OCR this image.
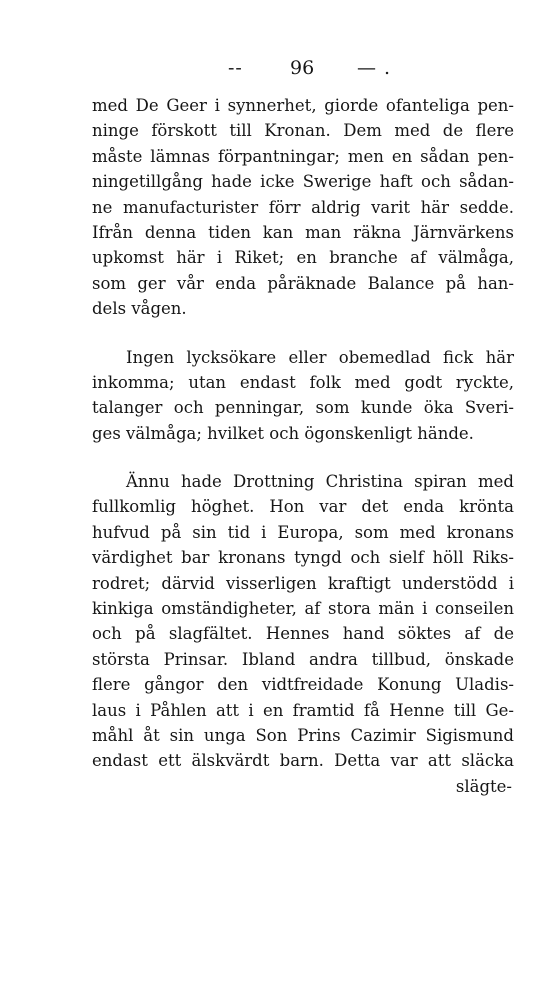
-- 96 — .
med De Geer i synnerhet, giorde ofanteliga pen-
ninge förskott till Kronan. Dem med de flere
måste lämnas förpantningar; men en sådan pen-
ningetillgång hade icke Swerige haft och sådan-
ne manufacturister förr aldrig varit här sedde.
Ifrån denna tiden kan man räkna Järnvärkens
upkomst här i Riket; en branche af välmåga,
som ger vår enda påräknade Balance på han-
dels vågen.
Ingen lycksökare eller obemedlad fick här
inkomma; utan endast folk med godt ryckte,
talanger och penningar, som kunde öka Sveri-
ges välmåga; hvilket och ögonskenligt hände.
Ännu hade Drottning Christina spiran med
fullkomlig höghet. Hon var det enda krönta
hufvud på sin tid i Europa, som med kronans
värdighet bar kronans tyngd och sielf höll Riks-
rodret; därvid visserligen kraftigt understödd i
kinkiga omständigheter, af stora män i conseilen
och på slagfältet. Hennes hand söktes af de
största Prinsar. Ibland andra tillbud, önskade
flere gångor den vidtfreidade Konung Uladis-
laus i Påhlen att i en framtid få Henne till Ge-
måhl åt sin unga Son Prins Cazimir Sigismund
endast ett älskvärdt barn. Detta var att släcka
slägte-
